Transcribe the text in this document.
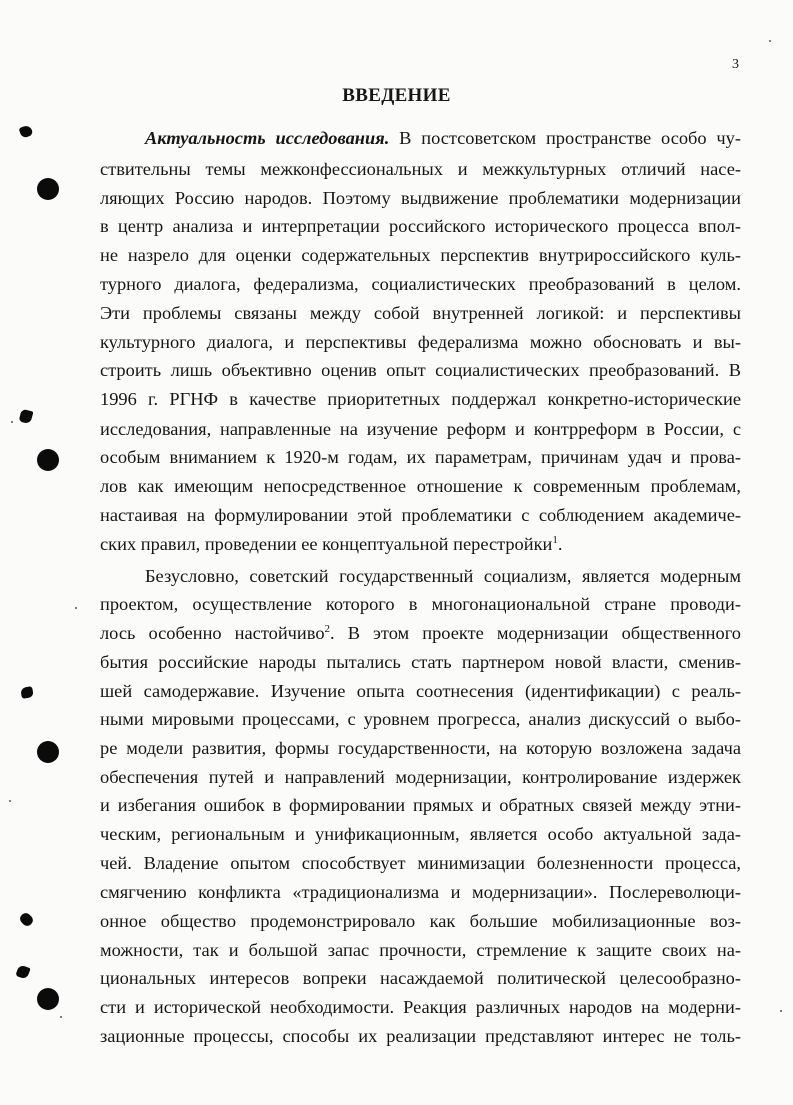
3
ВВЕДЕНИЕ
Актуальность исследования. В постсоветском пространстве особо чу-
ствительны темы межконфессиональных и межкультурных отличий насе-
ляющих Россию народов. Поэтому выдвижение проблематики модернизации
в центр анализа и интерпретации российского исторического процесса впол-
не назрело для оценки содержательных перспектив внутрироссийского куль-
турного диалога, федерализма, социалистических преобразований в целом.
Эти проблемы связаны между собой внутренней логикой: и перспективы
культурного диалога, и перспективы федерализма можно обосновать и вы-
строить лишь объективно оценив опыт социалистических преобразований. В
1996 г. РГНФ в качестве приоритетных поддержал конкретно-исторические
исследования, направленные на изучение реформ и контрреформ в России, с
особым вниманием к 1920-м годам, их параметрам, причинам удач и прова-
лов как имеющим непосредственное отношение к современным проблемам,
настаивая на формулировании этой проблематики с соблюдением академиче-
ских правил, проведении ее концептуальной перестройки$^1$.
Безусловно, советский государственный социализм, является модерным
проектом, осуществление которого в многонациональной стране проводи-
лось особенно настойчиво$^2$. В этом проекте модернизации общественного
бытия российские народы пытались стать партнером новой власти, сменив-
шей самодержавие. Изучение опыта соотнесения (идентификации) с реаль-
ными мировыми процессами, с уровнем прогресса, анализ дискуссий о выбо-
ре модели развития, формы государственности, на которую возложена задача
обеспечения путей и направлений модернизации, контролирование издержек
и избегания ошибок в формировании прямых и обратных связей между этни-
ческим, региональным и унификационным, является особо актуальной зада-
чей. Владение опытом способствует минимизации болезненности процесса,
смягчению конфликта «традиционализма и модернизации». Послереволюци-
онное общество продемонстрировало как большие мобилизационные воз-
можности, так и большой запас прочности, стремление к защите своих на-
циональных интересов вопреки насаждаемой политической целесообразно-
сти и исторической необходимости. Реакция различных народов на модерни-
зационные процессы, способы их реализации представляют интерес не толь-
